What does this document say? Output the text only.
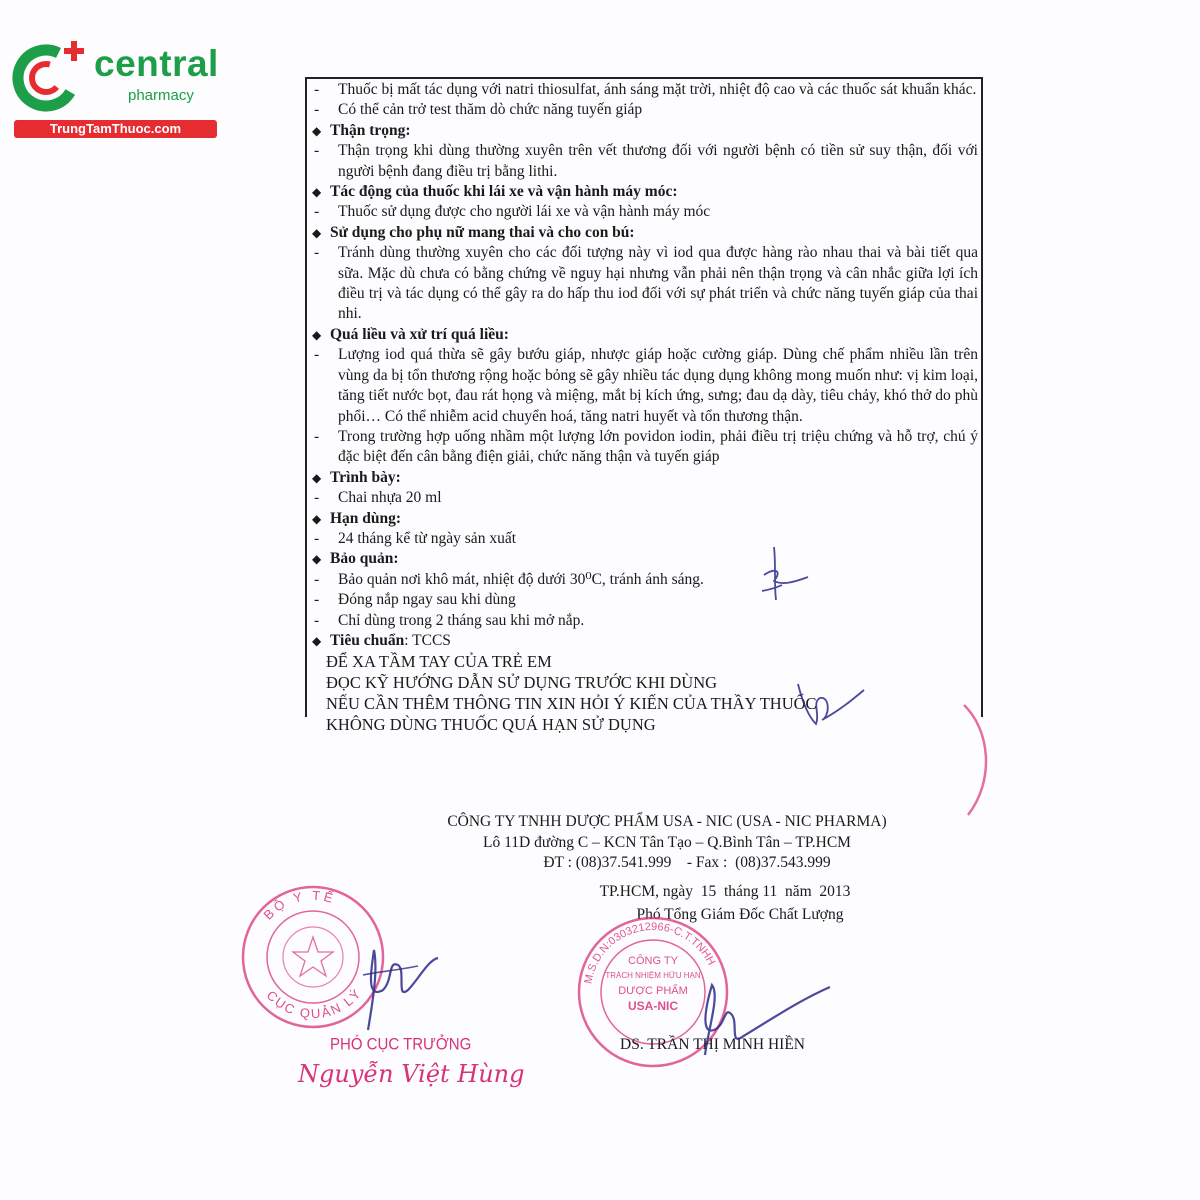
central
pharmacy
TrungTamThuoc.com
-	Thuốc bị mất tác dụng với natri thiosulfat, ánh sáng mặt trời, nhiệt độ cao và các thuốc sát khuẩn khác.
-	Có thể cản trở test thăm dò chức năng tuyến giáp
◆ Thận trọng:
-	Thận trọng khi dùng thường xuyên trên vết thương đối với người bệnh có tiền sử suy thận, đối với người bệnh đang điều trị bằng lithi.
◆ Tác động của thuốc khi lái xe và vận hành máy móc:
-	Thuốc sử dụng được cho người lái xe và vận hành máy móc
◆ Sử dụng cho phụ nữ mang thai và cho con bú:
-	Tránh dùng thường xuyên cho các đối tượng này vì iod qua được hàng rào nhau thai và bài tiết qua sữa. Mặc dù chưa có bằng chứng về nguy hại nhưng vẫn phải nên thận trọng và cân nhắc giữa lợi ích điều trị và tác dụng có thể gây ra do hấp thu iod đối với sự phát triển và chức năng tuyến giáp của thai nhi.
◆ Quá liều và xử trí quá liều:
-	Lượng iod quá thừa sẽ gây bướu giáp, nhược giáp hoặc cường giáp. Dùng chế phẩm nhiều lần trên vùng da bị tổn thương rộng hoặc bỏng sẽ gây nhiều tác dụng dụng không mong muốn như: vị kim loại, tăng tiết nước bọt, đau rát họng và miệng, mắt bị kích ứng, sưng; đau dạ dày, tiêu chảy, khó thở do phù phổi… Có thể nhiễm acid chuyển hoá, tăng natri huyết và tổn thương thận.
-	Trong trường hợp uống nhầm một lượng lớn povidon iodin, phải điều trị triệu chứng và hỗ trợ, chú ý đặc biệt đến cân bằng điện giải, chức năng thận và tuyến giáp
◆ Trình bày:
-	Chai nhựa 20 ml
◆ Hạn dùng:
-	24 tháng kể từ ngày sản xuất
◆ Bảo quản:
-	Bảo quản nơi khô mát, nhiệt độ dưới 30⁰C, tránh ánh sáng.
-	Đóng nắp ngay sau khi dùng
-	Chỉ dùng trong 2 tháng sau khi mở nắp.
◆ Tiêu chuẩn : TCCS
ĐỂ XA TẦM TAY CỦA TRẺ EM
ĐỌC KỸ HƯỚNG DẪN SỬ DỤNG TRƯỚC KHI DÙNG
NẾU CẦN THÊM THÔNG TIN XIN HỎI Ý KIẾN CỦA THẦY THUỐC
KHÔNG DÙNG THUỐC QUÁ HẠN SỬ DỤNG
CÔNG TY TNHH DƯỢC PHẨM USA - NIC (USA - NIC PHARMA)
Lô 11D đường C – KCN Tân Tạo – Q.Bình Tân – TP.HCM
ĐT : (08)37.541.999    - Fax :  (08)37.543.999
TP.HCM, ngày  15  tháng 11  năm  2013
Phó Tổng Giám Đốc Chất Lượng
M.S.D.N:0303212966-C.T.TNHH
CÔNG TY
TRÁCH NHIỆM HỮU HẠN
DƯỢC PHẨM
USA-NIC
DS. TRẦN THỊ MINH HIỀN
BỘ Y TẾ
CỤC QUẢN LÝ
PHÓ CỤC TRƯỞNG
Nguyễn Việt Hùng
